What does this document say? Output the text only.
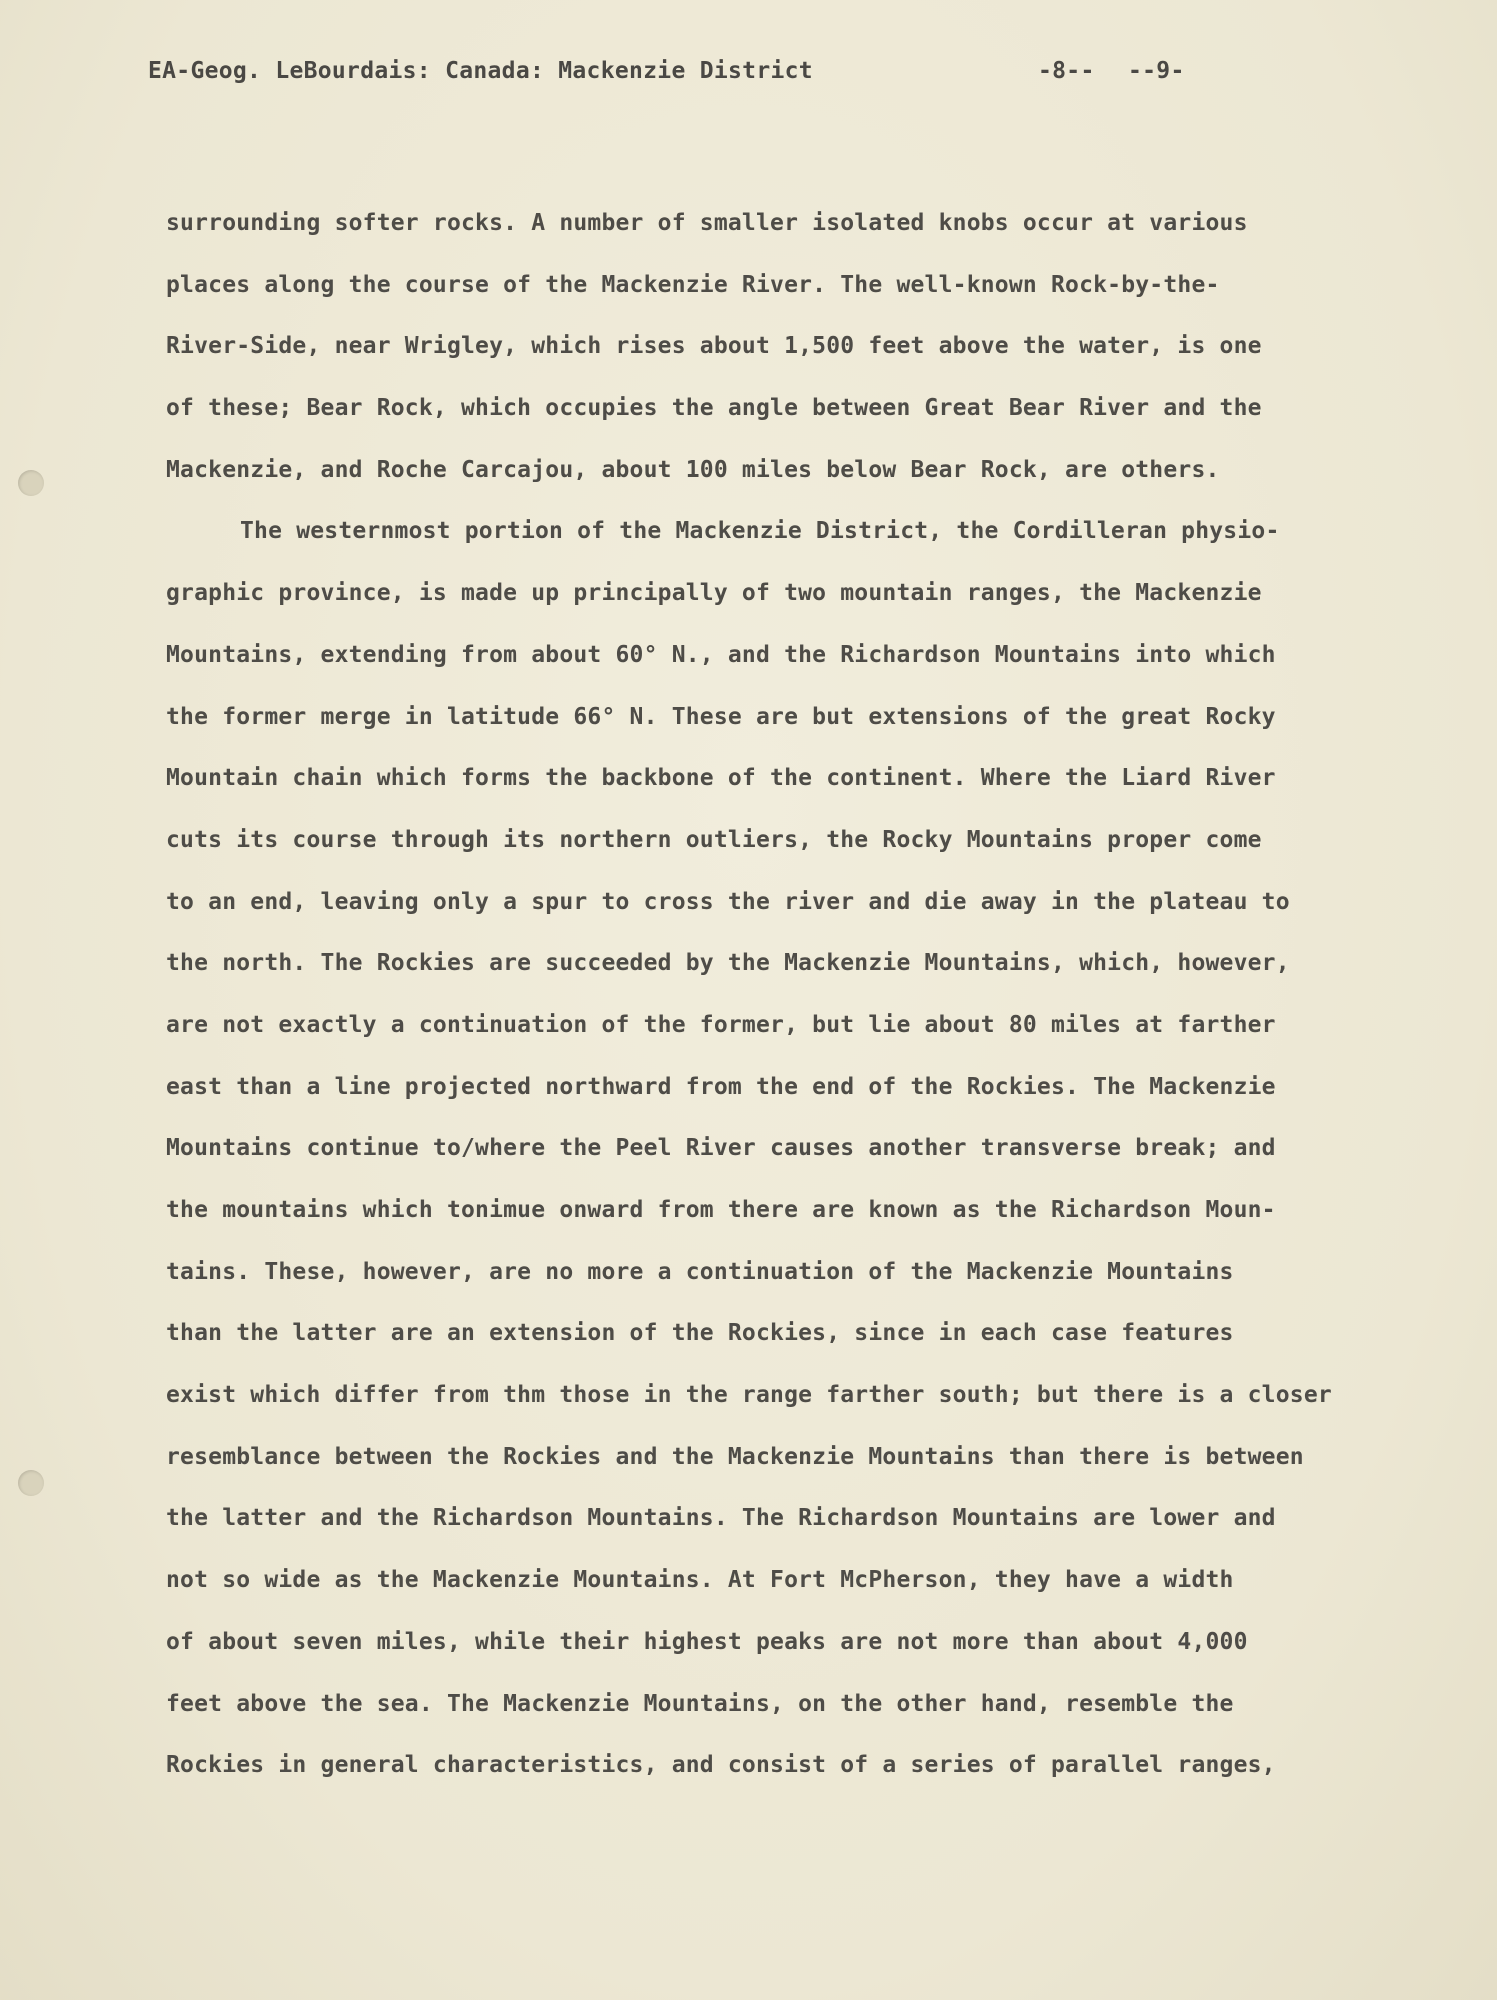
EA-Geog. LeBourdais: Canada: Mackenzie District	-8-- --9-
surrounding softer rocks. A number of smaller isolated knobs occur at various
places along the course of the Mackenzie River. The well-known Rock-by-the-
River-Side, near Wrigley, which rises about 1,500 feet above the water, is one
of these; Bear Rock, which occupies the angle between Great Bear River and the
Mackenzie, and Roche Carcajou, about 100 miles below Bear Rock, are others.
The westernmost portion of the Mackenzie District, the Cordilleran physio-
graphic province, is made up principally of two mountain ranges, the Mackenzie
Mountains, extending from about 60° N., and the Richardson Mountains into which
the former merge in latitude 66° N. These are but extensions of the great Rocky
Mountain chain which forms the backbone of the continent. Where the Liard River
cuts its course through its northern outliers, the Rocky Mountains proper come
to an end, leaving only a spur to cross the river and die away in the plateau to
the north. The Rockies are succeeded by the Mackenzie Mountains, which, however,
are not exactly a continuation of the former, but lie about 80 miles at farther
east than a line projected northward from the end of the Rockies. The Mackenzie
Mountains continue to/where the Peel River causes another transverse break; and
the mountains which tonimue onward from there are known as the Richardson Moun-
tains. These, however, are no more a continuation of the Mackenzie Mountains
than the latter are an extension of the Rockies, since in each case features
exist which differ from thm those in the range farther south; but there is a closer
resemblance between the Rockies and the Mackenzie Mountains than there is between
the latter and the Richardson Mountains. The Richardson Mountains are lower and
not so wide as the Mackenzie Mountains. At Fort McPherson, they have a width
of about seven miles, while their highest peaks are not more than about 4,000
feet above the sea. The Mackenzie Mountains, on the other hand, resemble the
Rockies in general characteristics, and consist of a series of parallel ranges,
